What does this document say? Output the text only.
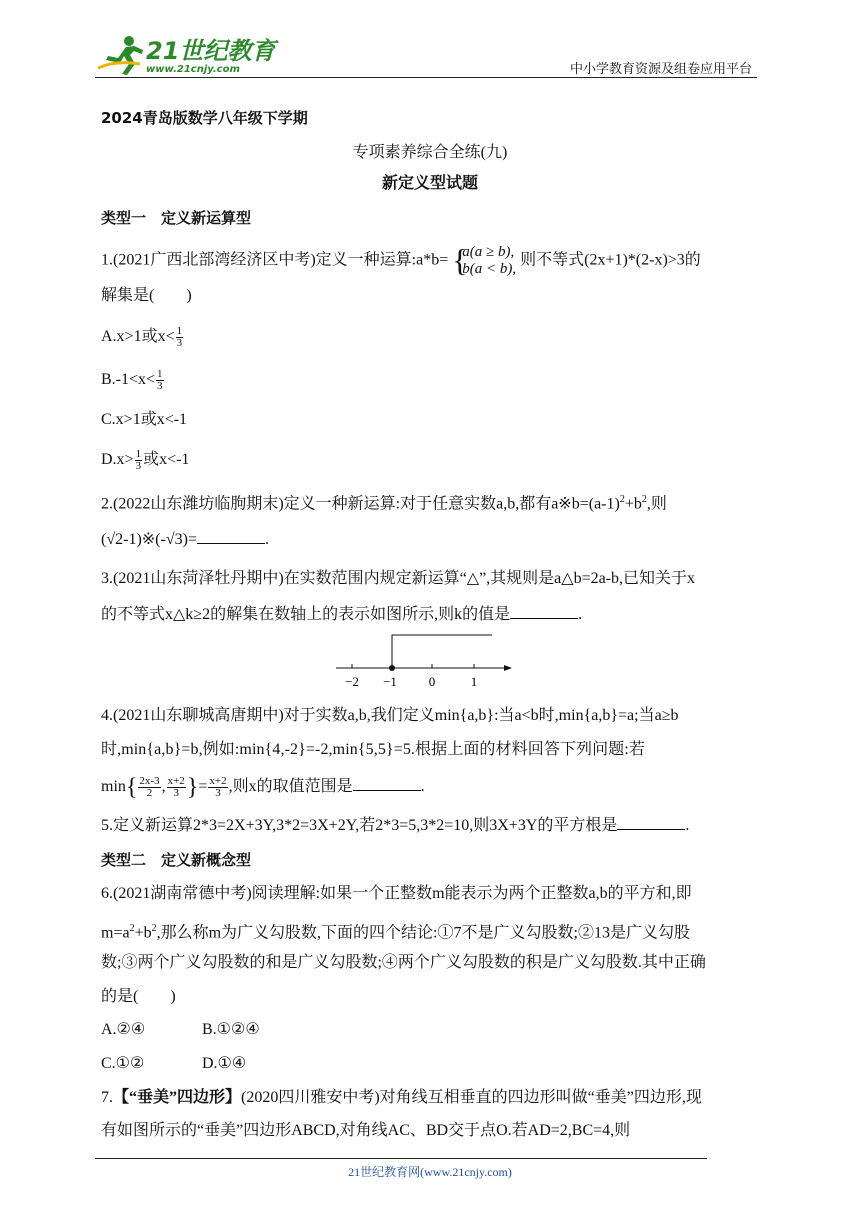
21世纪教育
www.21cnjy.com	中小学教育资源及组卷应用平台
2024青岛版数学八年级下学期
专项素养综合全练(九)
新定义型试题
类型一　定义新运算型
1.(2021广西北部湾经济区中考)定义一种运算:a*b= {
a(a ≥ b),
b(a < b),
则不等式(2x+1)*(2-x)>3的
解集是(　　)
A.x>1或$x< \frac{1}{3}$
$B.-1<x< \frac{1}{3}$
C.x>1或x<-1
$D.x> \frac{1}{3}$ 或x<-1
2.(2022山东潍坊临朐期末)定义一种新运算:对于任意实数a,b,都有$a※b=(a-1)^2+b^2$,则
(√2-1)※(-√3)=	.
3.(2021山东菏泽牡丹期中)在实数范围内规定新运算“△”,其规则是a△b=2a-b,已知关于x
的不等式x△k≥2的解集在数轴上的表示如图所示,则k的值是	.
−2 −1 0	1
4.(2021山东聊城高唐期中)对于实数a,b,我们定义min{a,b}:当a<b时,min{a,b}=a;当a≥b
时,min{a,b}=b,例如:min{4,-2}=-2,min{5,5}=5.根据上面的材料回答下列问题:若
$\min\{ \frac{2x-3}{2}$ , $\frac{x+2}{3}$ }= $\frac{x+2}{3}$ ,则x的取值范围是	.
5.定义新运算2*3=2X+3Y,3*2=3X+2Y,若2*3=5,3*2=10,则3X+3Y的平方根是	.
类型二　定义新概念型
6.(2021湖南常德中考)阅读理解:如果一个正整数m能表示为两个正整数a,b的平方和,即
$m=a^2+b^2$,那么称m为广义勾股数,下面的四个结论:①7不是广义勾股数;②13是广义勾股
数;③两个广义勾股数的和是广义勾股数;④两个广义勾股数的积是广义勾股数.其中正确
的是(　　)
A.②④	B.①②④
C.①②	D.①④
7.【“垂美”四边形】(2020四川雅安中考)对角线互相垂直的四边形叫做“垂美”四边形,现
有如图所示的“垂美”四边形ABCD,对角线AC、BD交于点O.若AD=2,BC=4,则
21世纪教育网(www.21cnjy.com)
